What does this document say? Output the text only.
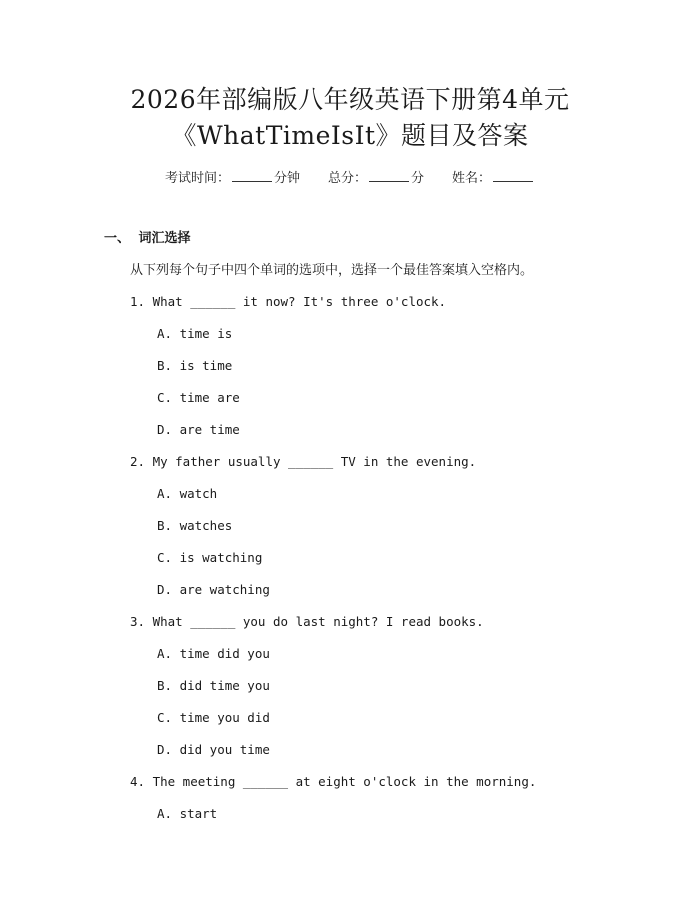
2026年部编版八年级英语下册第4单元
《WhatTimeIsIt》题目及答案
考试时间：	分钟 总分：	分 姓名：
一、 词汇选择
从下列每个句子中四个单词的选项中，选择一个最佳答案填入空格内。
1. What ______ it now? It's three o'clock.
A. time is
B. is time
C. time are
D. are time
2. My father usually ______ TV in the evening.
A. watch
B. watches
C. is watching
D. are watching
3. What ______ you do last night? I read books.
A. time did you
B. did time you
C. time you did
D. did you time
4. The meeting ______ at eight o'clock in the morning.
A. start
